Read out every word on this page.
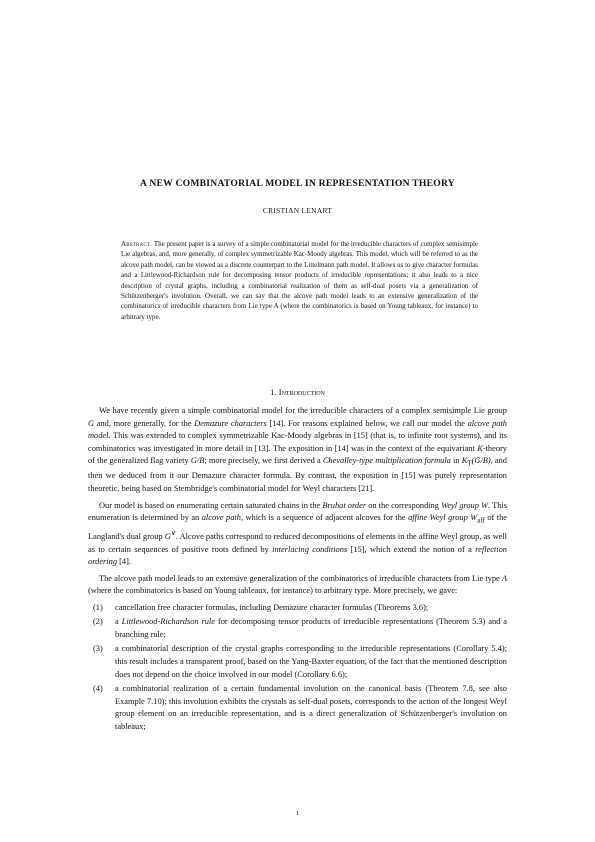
A NEW COMBINATORIAL MODEL IN REPRESENTATION THEORY
CRISTIAN LENART
Abstract. The present paper is a survey of a simple combinatorial model for the irreducible characters of complex semisimple Lie algebras, and, more generally, of complex symmetrizable Kac-Moody algebras. This model, which will be referred to as the alcove path model, can be viewed as a discrete counterpart to the Littelmann path model. It allows us to give character formulas and a Littlewood-Richardson rule for decomposing tensor products of irreducible representations; it also leads to a nice description of crystal graphs, including a combinatorial realization of them as self-dual posets via a generalization of Schützenberger's involution. Overall, we can say that the alcove path model leads to an extensive generalization of the combinatorics of irreducible characters from Lie type A (where the combinatorics is based on Young tableaux, for instance) to arbitrary type.
1. Introduction

We have recently given a simple combinatorial model for the irreducible characters of a complex semisimple Lie group G and, more generally, for the Demazure characters [14]. For reasons explained below, we call our model the alcove path model. This was extended to complex symmetrizable Kac-Moody algebras in [15] (that is, to infinite root systems), and its combinatorics was investigated in more detail in [13]. The exposition in [14] was in the context of the equivariant K-theory of the generalized flag variety G/B; more precisely, we first derived a Chevalley-type multiplication formula in $K_T(G/B)$, and then we deduced from it our Demazure character formula. By contrast, the exposition in [15] was purely representation theoretic, being based on Stembridge's combinatorial model for Weyl characters [21].

Our model is based on enumerating certain saturated chains in the Bruhat order on the corresponding Weyl group W. This enumeration is determined by an alcove path, which is a sequence of adjacent alcoves for the affine Weyl group $W_{aff}$ of the Langland's dual group G∨. Alcove paths correspond to reduced decompositions of elements in the affine Weyl group, as well as to certain sequences of positive roots defined by interlacing conditions [15], which extend the notion of a reflection ordering [4].

The alcove path model leads to an extensive generalization of the combinatorics of irreducible characters from Lie type A (where the combinatorics is based on Young tableaux, for instance) to arbitrary type. More precisely, we gave:

(1) cancellation free character formulas, including Demazure character formulas (Theorems 3.6);
(2) a Littlewood-Richardson rule for decomposing tensor products of irreducible representations (Theorem 5.3) and a branching rule;
(3) a combinatorial description of the crystal graphs corresponding to the irreducible representations (Corollary 5.4); this result includes a transparent proof, based on the Yang-Baxter equation, of the fact that the mentioned description does not depend on the choice involved in our model (Corollary 6.6);
(4) a combinatorial realization of a certain fundamental involution on the canonical basis (Theorem 7.8, see also Example 7.10); this involution exhibits the crystals as self-dual posets, corresponds to the action of the longest Weyl group element on an irreducible representation, and is a direct generalization of Schützenberger's involution on tableaux;
1
